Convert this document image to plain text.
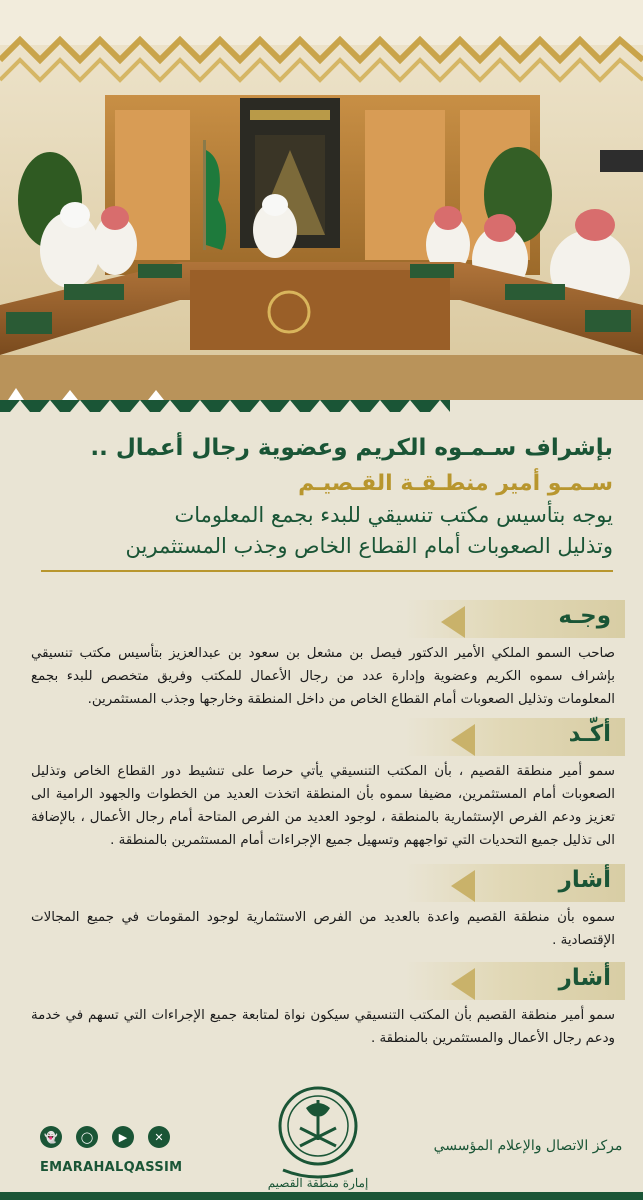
بإشراف سـمـوه الكريم وعضوية رجال أعمال ..
سـمـو أمير منطـقـة القـصيـم
يوجه بتأسيس مكتب تنسيقي للبدء بجمع المعلومات
وتذليل الصعوبات أمام القطاع الخاص وجذب المستثمرين
وجـه
صاحب السمو الملكي الأمير الدكتور فيصل بن مشعل بن سعود بن عبدالعزيز بتأسيس مكتب تنسيقي بإشراف سموه الكريم وعضوية وإدارة عدد من رجال الأعمال للمكتب وفريق متخصص للبدء بجمع المعلومات وتذليل الصعوبات أمام القطاع الخاص من داخل المنطقة وخارجها وجذب المستثمرين.
أكّـد
سمو أمير منطقة القصيم ، بأن المكتب التنسيقي يأتي حرصا على تنشيط دور القطاع الخاص وتذليل الصعوبات أمام المستثمرين، مضيفا سموه بأن المنطقة اتخذت العديد من الخطوات والجهود الرامية الى تعزيز ودعم الفرص الإستثمارية بالمنطقة ، لوجود العديد من الفرص المتاحة أمام رجال الأعمال ، بالإضافة الى تذليل جميع التحديات التي تواجههم وتسهيل جميع الإجراءات أمام المستثمرين بالمنطقة .
أشار
سموه بأن منطقة القصيم واعدة بالعديد من الفرص الاستثمارية لوجود المقومات في جميع المجالات الإقتصادية .
أشار
سمو أمير منطقة القصيم بأن المكتب التنسيقي سيكون نواة لمتابعة جميع الإجراءات التي تسهم في خدمة ودعم رجال الأعمال والمستثمرين بالمنطقة .
👻	◯	▶	✕
EMARAHALQASSIM
إمارة منطقة القصيم
مركز الاتصال والإعلام المؤسسي
